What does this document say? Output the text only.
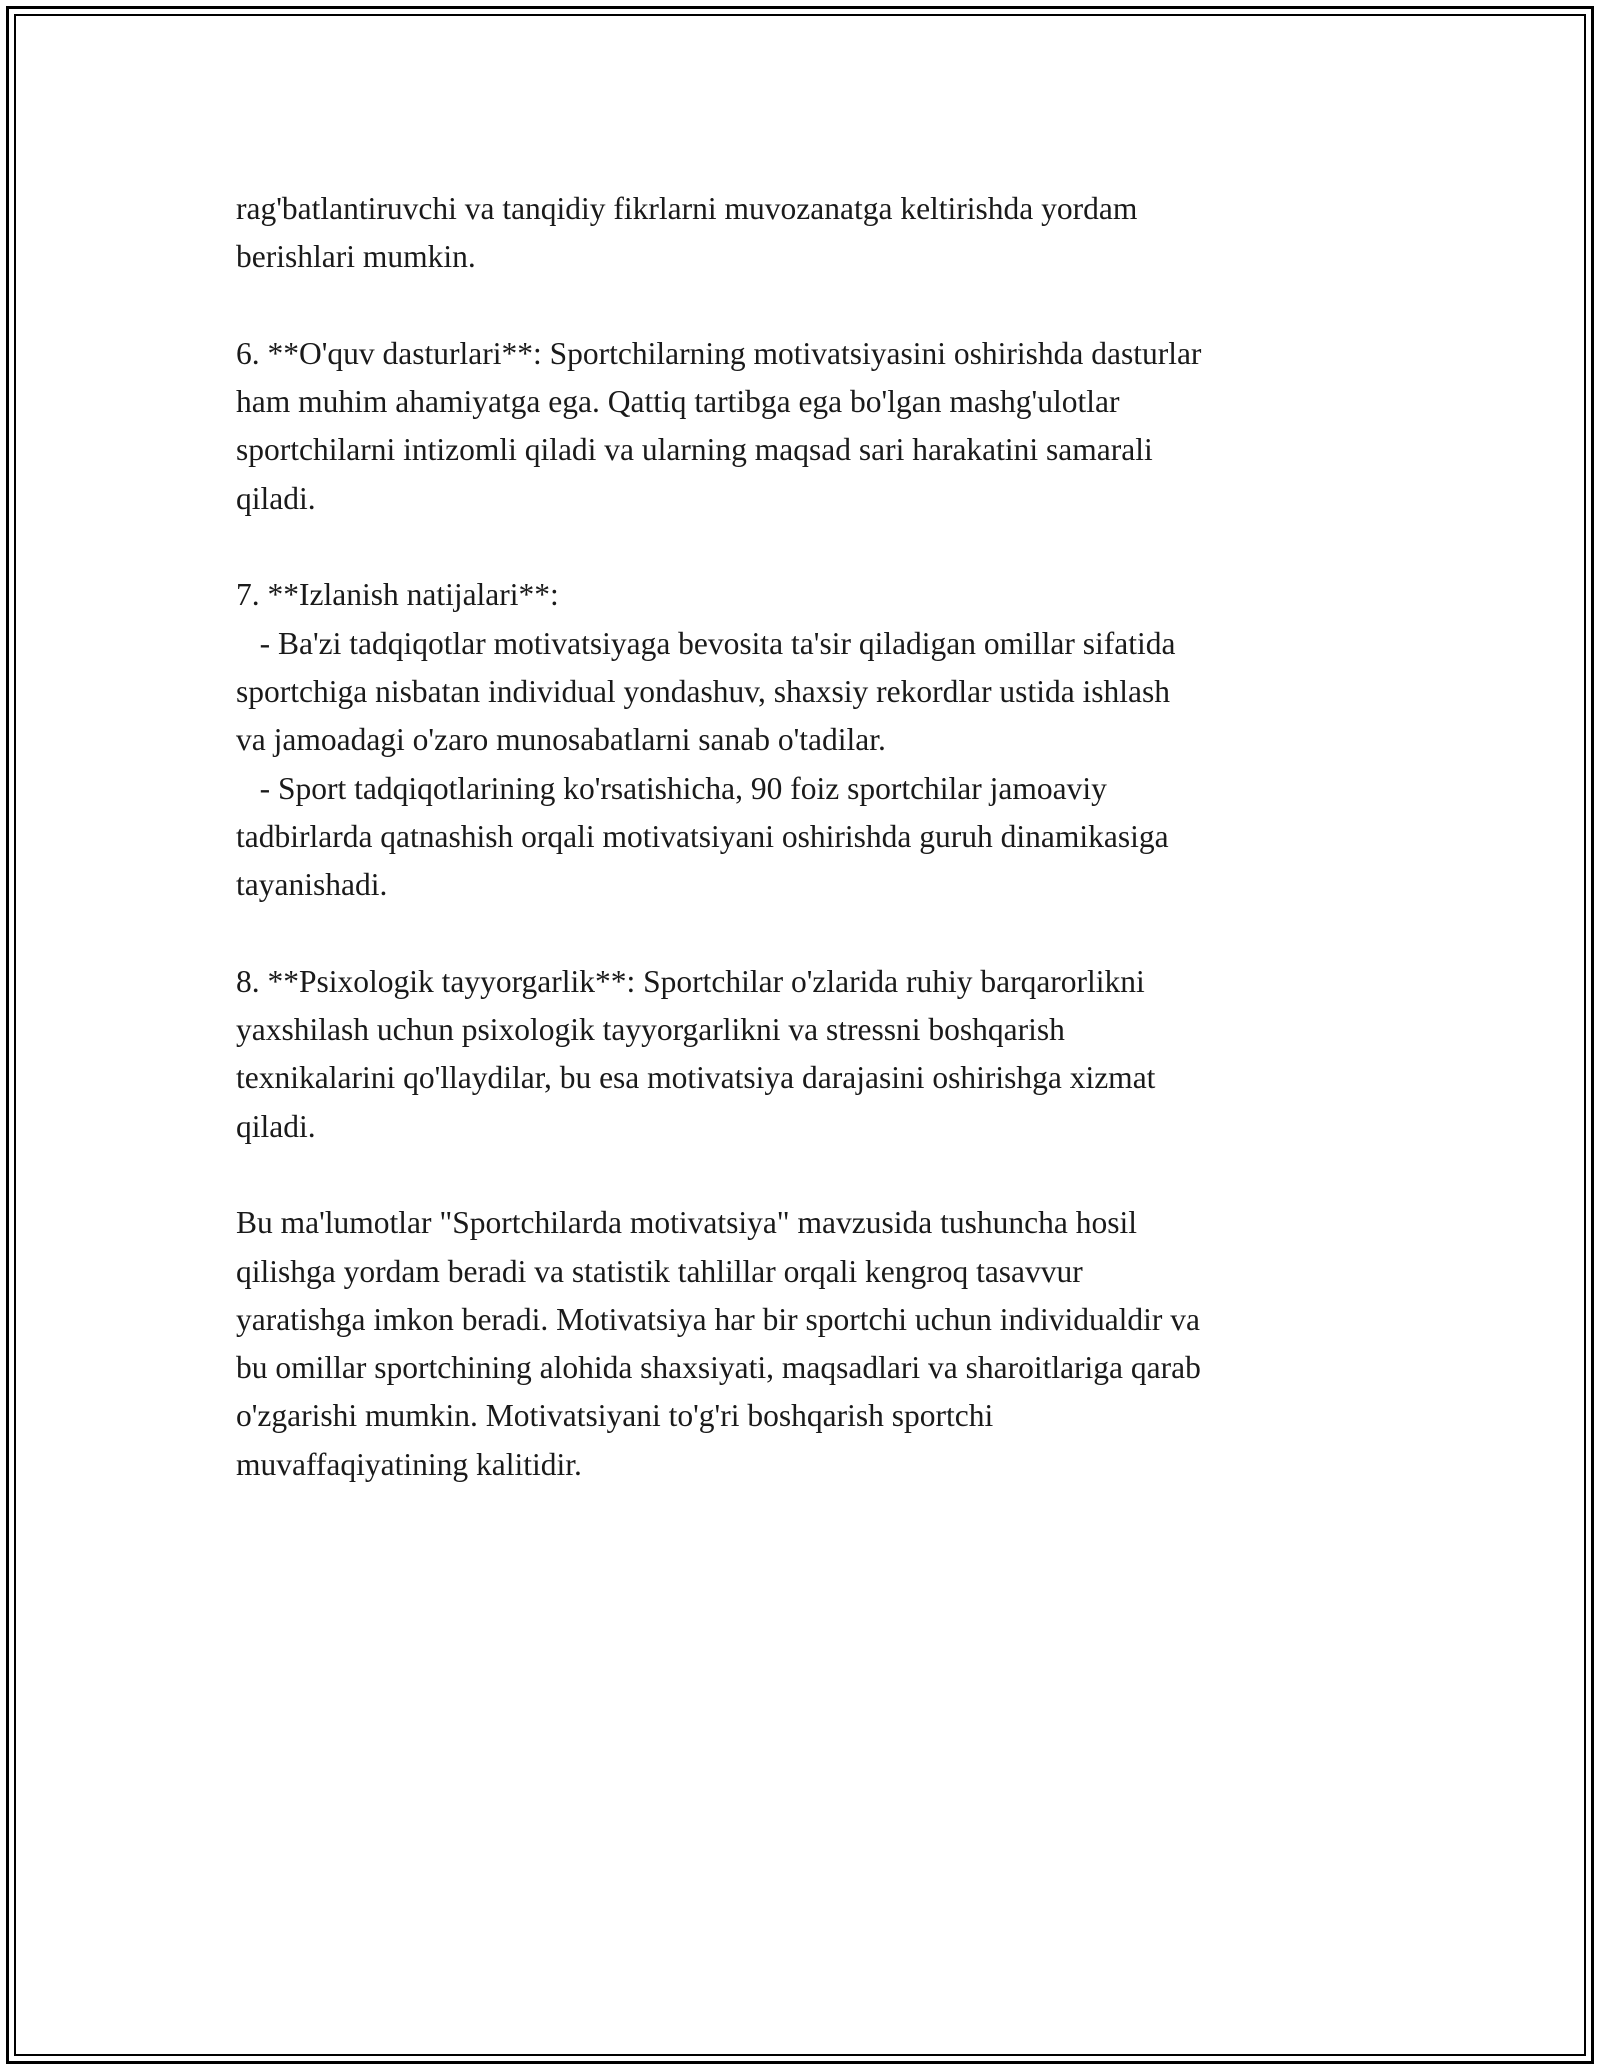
rag'batlantiruvchi va tanqidiy fikrlarni muvozanatga keltirishda yordam
berishlari mumkin.
6. **O'quv dasturlari**: Sportchilarning motivatsiyasini oshirishda dasturlar
ham muhim ahamiyatga ega. Qattiq tartibga ega bo'lgan mashg'ulotlar
sportchilarni intizomli qiladi va ularning maqsad sari harakatini samarali
qiladi.
7. **Izlanish natijalari**:
- Ba'zi tadqiqotlar motivatsiyaga bevosita ta'sir qiladigan omillar sifatida
sportchiga nisbatan individual yondashuv, shaxsiy rekordlar ustida ishlash
va jamoadagi o'zaro munosabatlarni sanab o'tadilar.
- Sport tadqiqotlarining ko'rsatishicha, 90 foiz sportchilar jamoaviy
tadbirlarda qatnashish orqali motivatsiyani oshirishda guruh dinamikasiga
tayanishadi.
8. **Psixologik tayyorgarlik**: Sportchilar o'zlarida ruhiy barqarorlikni
yaxshilash uchun psixologik tayyorgarlikni va stressni boshqarish
texnikalarini qo'llaydilar, bu esa motivatsiya darajasini oshirishga xizmat
qiladi.
Bu ma'lumotlar "Sportchilarda motivatsiya" mavzusida tushuncha hosil
qilishga yordam beradi va statistik tahlillar orqali kengroq tasavvur
yaratishga imkon beradi. Motivatsiya har bir sportchi uchun individualdir va
bu omillar sportchining alohida shaxsiyati, maqsadlari va sharoitlariga qarab
o'zgarishi mumkin. Motivatsiyani to'g'ri boshqarish sportchi
muvaffaqiyatining kalitidir.
